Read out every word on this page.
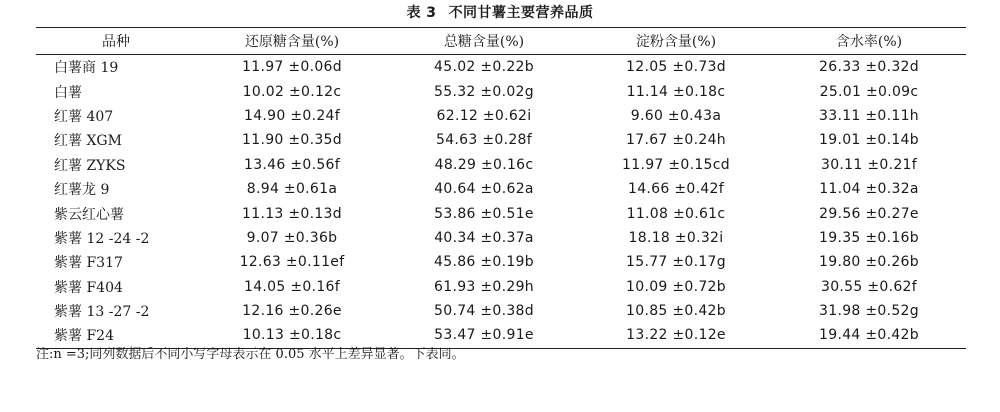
表 3 不同甘薯主要营养品质
品种	还原糖含量(%)	总糖含量(%)	淀粉含量(%)	含水率(%)
白薯商 19	11.97 ±0.06d	45.02 ±0.22b	12.05 ±0.73d	26.33 ±0.32d
白薯	10.02 ±0.12c	55.32 ±0.02g	11.14 ±0.18c	25.01 ±0.09c
红薯 407	14.90 ±0.24f	62.12 ±0.62i	9.60 ±0.43a	33.11 ±0.11h
红薯 XGM	11.90 ±0.35d	54.63 ±0.28f	17.67 ±0.24h	19.01 ±0.14b
红薯 ZYKS	13.46 ±0.56f	48.29 ±0.16c	11.97 ±0.15cd	30.11 ±0.21f
红薯龙 9	8.94 ±0.61a	40.64 ±0.62a	14.66 ±0.42f	11.04 ±0.32a
紫云红心薯	11.13 ±0.13d	53.86 ±0.51e	11.08 ±0.61c	29.56 ±0.27e
紫薯 12 -24 -2	9.07 ±0.36b	40.34 ±0.37a	18.18 ±0.32i	19.35 ±0.16b
紫薯 F317	12.63 ±0.11ef	45.86 ±0.19b	15.77 ±0.17g	19.80 ±0.26b
紫薯 F404	14.05 ±0.16f	61.93 ±0.29h	10.09 ±0.72b	30.55 ±0.62f
紫薯 13 -27 -2	12.16 ±0.26e	50.74 ±0.38d	10.85 ±0.42b	31.98 ±0.52g
紫薯 F24	10.13 ±0.18c	53.47 ±0.91e	13.22 ±0.12e	19.44 ±0.42b
注:n =3;同列数据后不同小写字母表示在 0.05 水平上差异显著。下表同。
